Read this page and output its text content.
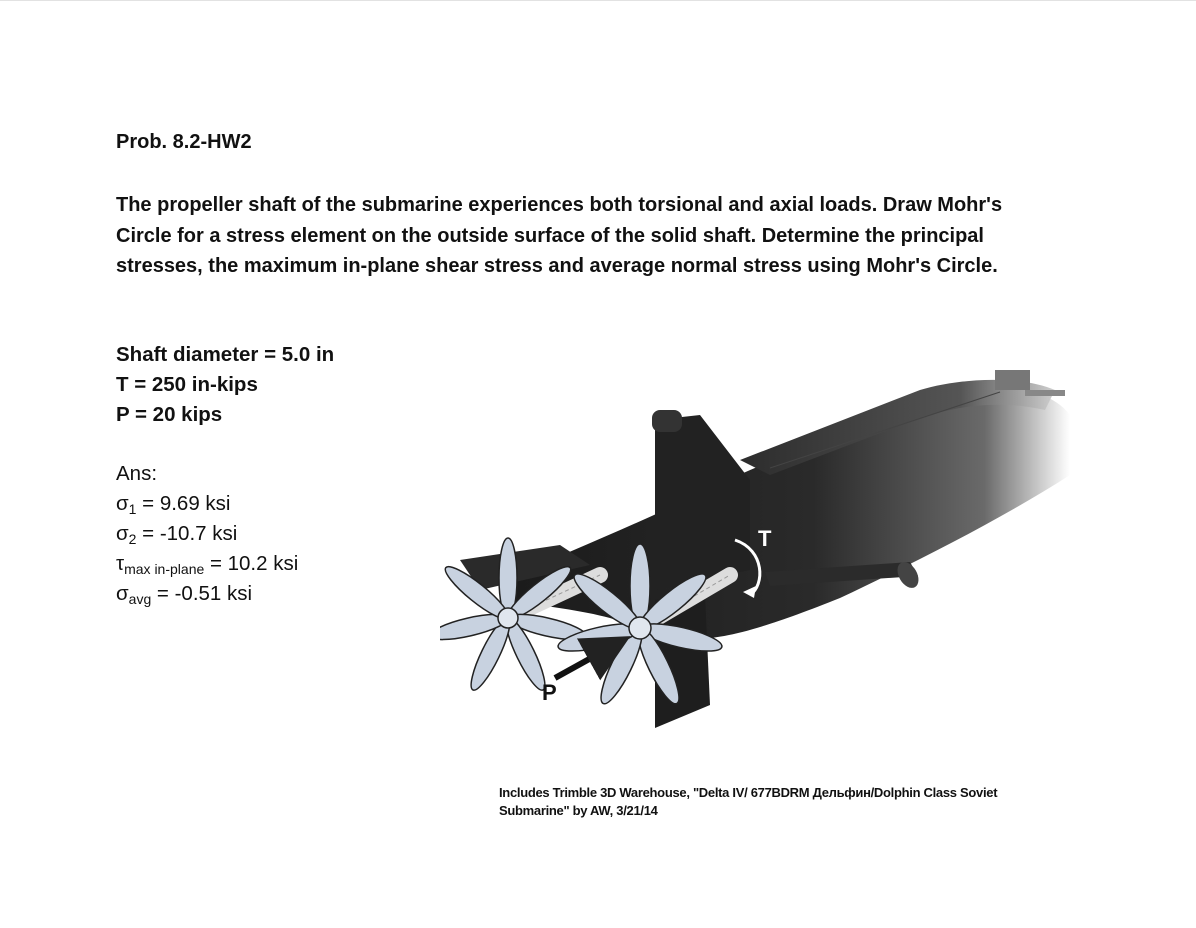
Prob. 8.2-HW2
The propeller shaft of the submarine experiences both torsional and axial loads. Draw Mohr's Circle for a stress element on the outside surface of the solid shaft. Determine the principal stresses, the maximum in-plane shear stress and average normal stress using Mohr's Circle.
Shaft diameter = 5.0 in
T = 250 in-kips
P = 20 kips
Ans:
$\sigma_1 = 9.69$ ksi
$\sigma_2 = -10.7$ ksi
$\tau_{max in-plane} = 10.2$ ksi
$\sigma_{avg} = -0.51$ ksi
T
P
Includes Trimble 3D Warehouse, "Delta IV/ 677BDRM Дельфин/Dolphin Class Soviet Submarine" by AW, 3/21/14
